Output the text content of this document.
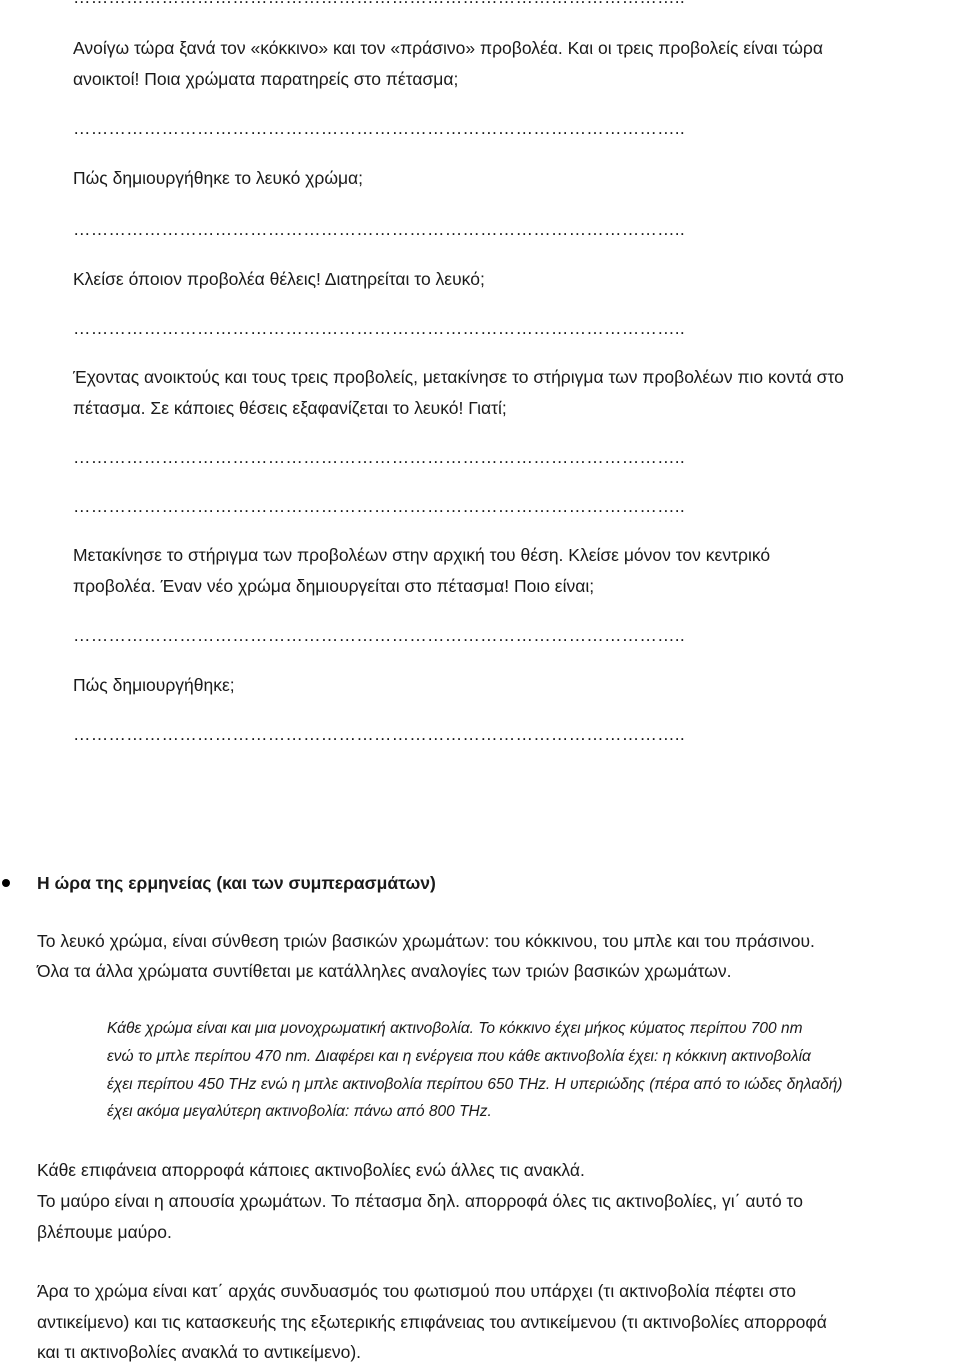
Ανοίγω τώρα ξανά τον «κόκκινο» και τον «πράσινο» προβολέα. Και οι τρεις προβολείς είναι τώρα
ανοικτοί! Ποια χρώματα παρατηρείς στο πέτασμα;
…………………………………………………………………………………………..
Πώς δημιουργήθηκε το λευκό χρώμα;
…………………………………………………………………………………………..
Κλείσε όποιον προβολέα θέλεις! Διατηρείται το λευκό;
…………………………………………………………………………………………..
Έχοντας ανοικτούς και τους τρεις προβολείς, μετακίνησε το στήριγμα των προβολέων πιο κοντά στο
πέτασμα. Σε κάποιες θέσεις εξαφανίζεται το λευκό! Γιατί;
…………………………………………………………………………………………..
…………………………………………………………………………………………..
Μετακίνησε το στήριγμα των προβολέων στην αρχική του θέση. Κλείσε μόνον τον κεντρικό
προβολέα. Έναν νέο χρώμα δημιουργείται στο πέτασμα! Ποιο είναι;
…………………………………………………………………………………………..
Πώς δημιουργήθηκε;
…………………………………………………………………………………………..
Η ώρα της ερμηνείας (και των συμπερασμάτων)
Το λευκό χρώμα, είναι σύνθεση τριών βασικών χρωμάτων: του κόκκινου, του μπλε και του πράσινου.
Όλα τα άλλα χρώματα συντίθεται με κατάλληλες αναλογίες των τριών βασικών χρωμάτων.
Κάθε χρώμα είναι και μια μονοχρωματική ακτινοβολία. Το κόκκινο έχει μήκος κύματος περίπου 700 nm
ενώ το μπλε περίπου 470 nm. Διαφέρει και η ενέργεια που κάθε ακτινοβολία έχει: η κόκκινη ακτινοβολία
έχει περίπου 450 THz ενώ η μπλε ακτινοβολία περίπου 650 THz. Η υπεριώδης (πέρα από το ιώδες δηλαδή)
έχει ακόμα μεγαλύτερη ακτινοβολία: πάνω από 800 THz.
Κάθε επιφάνεια απορροφά κάποιες ακτινοβολίες ενώ άλλες τις ανακλά.
Το μαύρο είναι η απουσία χρωμάτων. Το πέτασμα δηλ. απορροφά όλες τις ακτινοβολίες, γι΄ αυτό το
βλέπουμε μαύρο.
Άρα το χρώμα είναι κατ΄ αρχάς συνδυασμός του φωτισμού που υπάρχει (τι ακτινοβολία πέφτει στο
αντικείμενο) και τις κατασκευής της εξωτερικής επιφάνειας του αντικείμενου (τι ακτινοβολίες απορροφά
και τι ακτινοβολίες ανακλά το αντικείμενο).
